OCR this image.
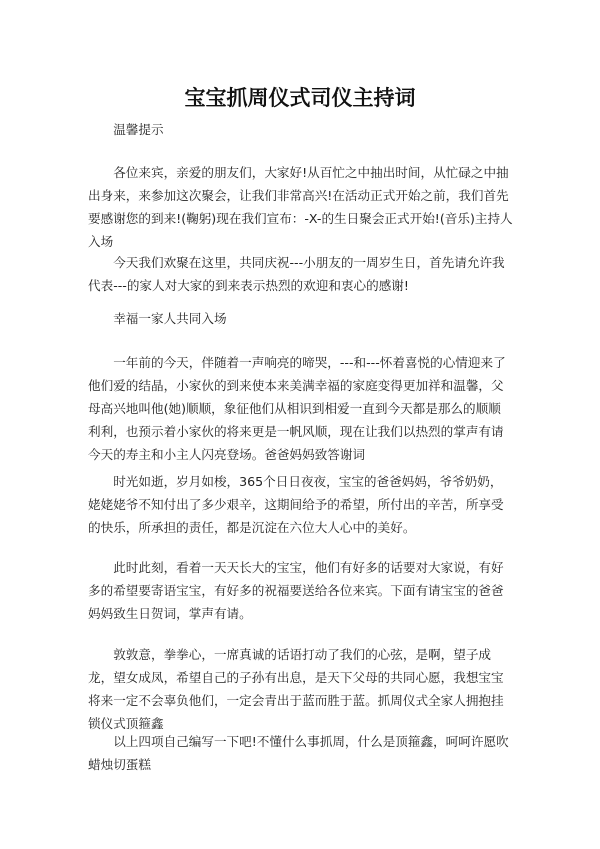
宝宝抓周仪式司仪主持词

温馨提示

各位来宾，亲爱的朋友们，大家好!从百忙之中抽出时间，从忙碌之中抽出身来，来参加这次聚会，让我们非常高兴!在活动正式开始之前，我们首先要感谢您的到来!(鞠躬)现在我们宣布：-X-的生日聚会正式开始!(音乐)主持人入场

今天我们欢聚在这里，共同庆祝---小朋友的一周岁生日，首先请允许我代表---的家人对大家的到来表示热烈的欢迎和衷心的感谢!

幸福一家人共同入场

一年前的今天，伴随着一声响亮的啼哭，---和---怀着喜悦的心情迎来了他们爱的结晶，小家伙的到来使本来美满幸福的家庭变得更加祥和温馨，父母高兴地叫他(她)顺顺，象征他们从相识到相爱一直到今天都是那么的顺顺利利，也预示着小家伙的将来更是一帆风顺，现在让我们以热烈的掌声有请今天的寿主和小主人闪亮登场。爸爸妈妈致答谢词

时光如逝，岁月如梭，365个日日夜夜，宝宝的爸爸妈妈，爷爷奶奶，姥姥姥爷不知付出了多少艰辛，这期间给予的希望，所付出的辛苦，所享受的快乐，所承担的责任，都是沉淀在六位大人心中的美好。

此时此刻，看着一天天长大的宝宝，他们有好多的话要对大家说，有好多的希望要寄语宝宝，有好多的祝福要送给各位来宾。下面有请宝宝的爸爸妈妈致生日贺词，掌声有请。

敦敦意，拳拳心，一席真诚的话语打动了我们的心弦，是啊，望子成龙，望女成凤，希望自己的子孙有出息，是天下父母的共同心愿，我想宝宝将来一定不会辜负他们，一定会青出于蓝而胜于蓝。抓周仪式全家人拥抱挂锁仪式顶箍鑫

以上四项自己编写一下吧!不懂什么事抓周，什么是顶箍鑫，呵呵许愿吹蜡烛切蛋糕
